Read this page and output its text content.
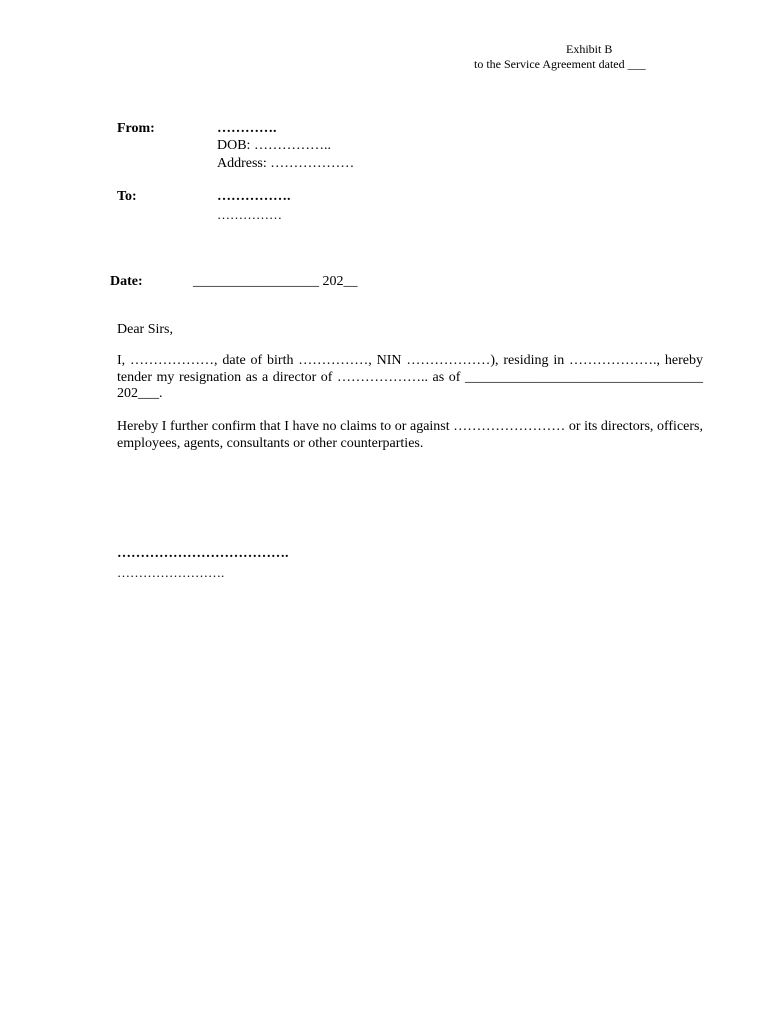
Exhibit B
to the Service Agreement dated ___
From:	………….
DOB: ……………..
Address: ………………
To:	…………….
……………
Date:	__________________ 202__
Dear Sirs,
I, ………………, date of birth ……………, NIN ………………), residing in ………………., hereby tender my resignation as a director of ……………….. as of __________________________________ 202___.
Hereby I further confirm that I have no claims to or against …………………… or its directors, officers, employees, agents, consultants or other counterparties.
……………………………….
…………………….
